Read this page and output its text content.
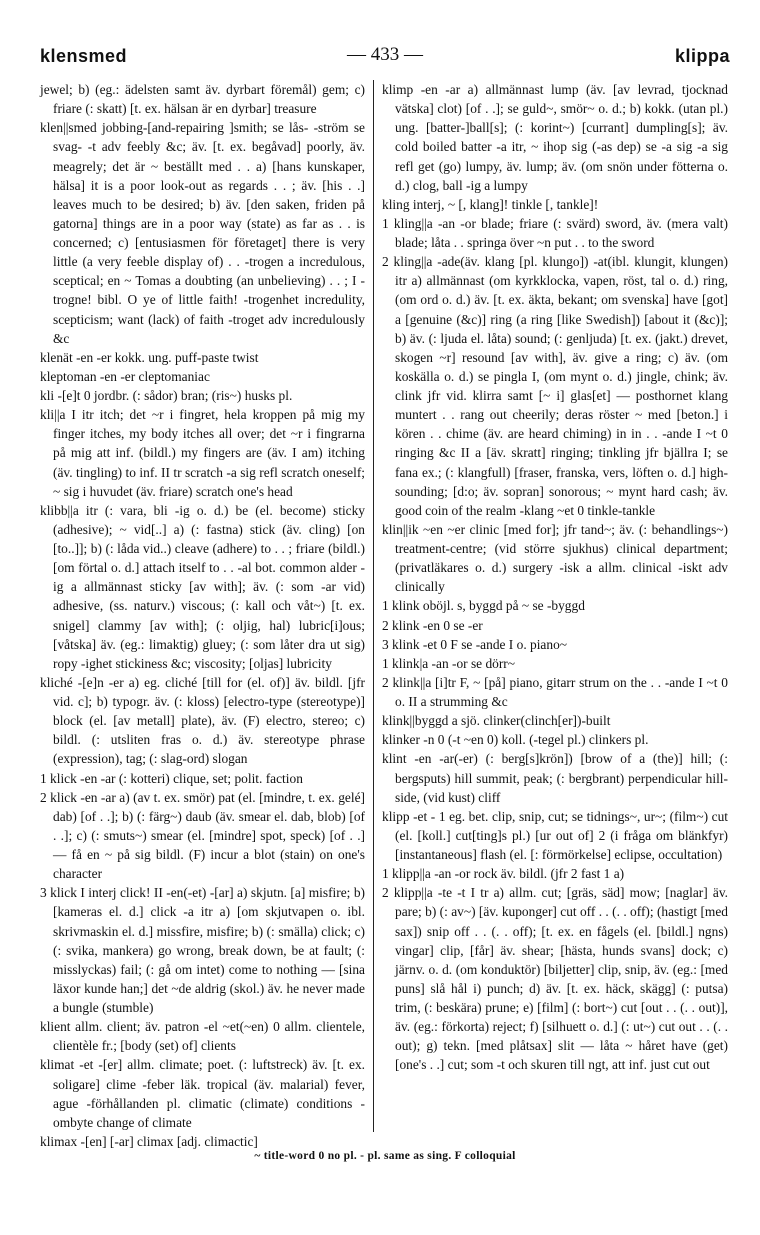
klensmed	— 433 —	klippa

jewel; b) (eg.: ädelsten samt äv. dyrbart föremål) gem; c) friare (: skatt) [t. ex. hälsan är en dyrbar] treasure

klen||smed jobbing-[and-repairing ]smith; se lås- -ström se svag- -t adv feebly &c; äv. [t. ex. begåvad] poorly, äv. meagrely; det är ~ beställt med . . a) [hans kunskaper, hälsa] it is a poor look-out as regards . . ; äv. [his . .] leaves much to be desired; b) äv. [den saken, friden på gatorna] things are in a poor way (state) as far as . . is concerned; c) [entusiasmen för företaget] there is very little (a very feeble display of) . . -trogen a incredulous, sceptical; en ~ Tomas a doubting (an unbelieving) . . ; I -trogne! bibl. O ye of little faith! -trogenhet incredulity, scepticism; want (lack) of faith -troget adv incredulously &c

klenät -en -er kokk. ung. puff-paste twist

kleptoman -en -er cleptomaniac

kli -[e]t 0 jordbr. (: sådor) bran; (ris~) husks pl.

kli||a I itr itch; det ~r i fingret, hela kroppen på mig my finger itches, my body itches all over; det ~r i fingrarna på mig att inf. (bildl.) my fingers are (äv. I am) itching (äv. tingling) to inf. II tr scratch -a sig refl scratch oneself; ~ sig i huvudet (äv. friare) scratch one's head

klibb||a itr (: vara, bli -ig o. d.) be (el. become) sticky (adhesive); ~ vid[..] a) (: fastna) stick (äv. cling) [on [to..]]; b) (: låda vid..) cleave (adhere) to . . ; friare (bildl.) [om förtal o. d.] attach itself to . . -al bot. common alder -ig a allmännast sticky [av with]; äv. (: som -ar vid) adhesive, (ss. naturv.) viscous; (: kall och våt~) [t. ex. snigel] clammy [av with]; (: oljig, hal) lubric[i]ous; [våtska] äv. (eg.: limaktig) gluey; (: som låter dra ut sig) ropy -ighet stickiness &c; viscosity; [oljas] lubricity

kliché -[e]n -er a) eg. cliché [till for (el. of)] äv. bildl. [jfr vid. c]; b) typogr. äv. (: kloss) [electro-type (stereotype)] block (el. [av metall] plate), äv. (F) electro, stereo; c) bildl. (: utsliten fras o. d.) äv. stereotype phrase (expression), tag; (: slag-ord) slogan

1 klick -en -ar (: kotteri) clique, set; polit. faction

2 klick -en -ar a) (av t. ex. smör) pat (el. [mindre, t. ex. gelé] dab) [of . .]; b) (: färg~) daub (äv. smear el. dab, blob) [of . .]; c) (: smuts~) smear (el. [mindre] spot, speck) [of . .] — få en ~ på sig bildl. (F) incur a blot (stain) on one's character

3 klick I interj click! II -en(-et) -[ar] a) skjutn. [a] misfire; b) [kameras el. d.] click -a itr a) [om skjutvapen o. ibl. skrivmaskin el. d.] missfire, misfire; b) (: smälla) click; c) (: svika, mankera) go wrong, break down, be at fault; (: misslyckas) fail; (: gå om intet) come to nothing — [sina läxor kunde han;] det ~de aldrig (skol.) äv. he never made a bungle (stumble)

klient allm. client; äv. patron -el ~et(~en) 0 allm. clientele, clientèle fr.; [body (set) of] clients

klimat -et -[er] allm. climate; poet. (: luftstreck) äv. [t. ex. soligare] clime -feber läk. tropical (äv. malarial) fever, ague -förhållanden pl. climatic (climate) conditions -ombyte change of climate

klimax -[en] [-ar] climax [adj. climactic]

klimp -en -ar a) allmännast lump (äv. [av levrad, tjocknad vätska] clot) [of . .]; se guld~, smör~ o. d.; b) kokk. (utan pl.) ung. [batter-]ball[s]; (: korint~) [currant] dumpling[s]; äv. cold boiled batter -a itr, ~ ihop sig (-as dep) se -a sig -a sig refl get (go) lumpy, äv. lump; äv. (om snön under fötterna o. d.) clog, ball -ig a lumpy

kling interj, ~ [, klang]! tinkle [, tankle]!

1 kling||a -an -or blade; friare (: svärd) sword, äv. (mera valt) blade; låta . . springa över ~n put . . to the sword

2 kling||a -ade(äv. klang [pl. klungo]) -at(ibl. klungit, klungen) itr a) allmännast (om kyrkklocka, vapen, röst, tal o. d.) ring, (om ord o. d.) äv. [t. ex. äkta, bekant; om svenska] have [got] a [genuine (&c)] ring (a ring [like Swedish]) [about it (&c)]; b) äv. (: ljuda el. låta) sound; (: genljuda) [t. ex. (jakt.) drevet, skogen ~r] resound [av with], äv. give a ring; c) äv. (om koskälla o. d.) se pingla I, (om mynt o. d.) jingle, chink; äv. clink jfr vid. klirra samt [~ i] glas[et] — posthornet klang muntert . . rang out cheerily; deras röster ~ med [beton.] i kören . . chime (äv. are heard chiming) in in . . -ande I ~t 0 ringing &c II a [äv. skratt] ringing; tinkling jfr bjällra I; se fana ex.; (: klangfull) [fraser, franska, vers, löften o. d.] high-sounding; [d:o; äv. sopran] sonorous; ~ mynt hard cash; äv. good coin of the realm -klang ~et 0 tinkle-tankle

klin||ik ~en ~er clinic [med for]; jfr tand~; äv. (: behandlings~) treatment-centre; (vid större sjukhus) clinical department; (privatläkares o. d.) surgery -isk a allm. clinical -iskt adv clinically

1 klink oböjl. s, byggd på ~ se -byggd

2 klink -en 0 se -er

3 klink -et 0 F se -ande I o. piano~

1 klink|a -an -or se dörr~

2 klink||a [i]tr F, ~ [på] piano, gitarr strum on the . . -ande I ~t 0 o. II a strumming &c

klink||byggd a sjö. clinker(clinch[er])-built

klinker -n 0 (-t ~en 0) koll. (-tegel pl.) clinkers pl.

klint -en -ar(-er) (: berg[s]krön]) [brow of a (the)] hill; (: bergsputs) hill summit, peak; (: bergbrant) perpendicular hill-side, (vid kust) cliff

klipp -et - 1 eg. bet. clip, snip, cut; se tidnings~, ur~; (film~) cut (el. [koll.] cut[ting]s pl.) [ur out of] 2 (i fråga om blänkfyr) [instantaneous] flash (el. [: förmörkelse] eclipse, occultation)

1 klipp||a -an -or rock äv. bildl. (jfr 2 fast 1 a)

2 klipp||a -te -t I tr a) allm. cut; [gräs, säd] mow; [naglar] äv. pare; b) (: av~) [äv. kuponger] cut off . . (. . off); (hastigt [med sax]) snip off . . (. . off); [t. ex. en fågels (el. [bildl.] ngns) vingar] clip, [får] äv. shear; [hästa, hunds svans] dock; c) järnv. o. d. (om konduktör) [biljetter] clip, snip, äv. (eg.: [med puns] slå hål i) punch; d) äv. [t. ex. häck, skägg] (: putsa) trim, (: beskära) prune; e) [film] (: bort~) cut [out . . (. . out)], äv. (eg.: förkorta) reject; f) [silhuett o. d.] (: ut~) cut out . . (. . out); g) tekn. [med plåtsax] slit — låta ~ håret have (get) [one's . .] cut; som -t och skuren till ngt, att inf. just cut out

~ title-word 0 no pl. - pl. same as sing. F colloquial
